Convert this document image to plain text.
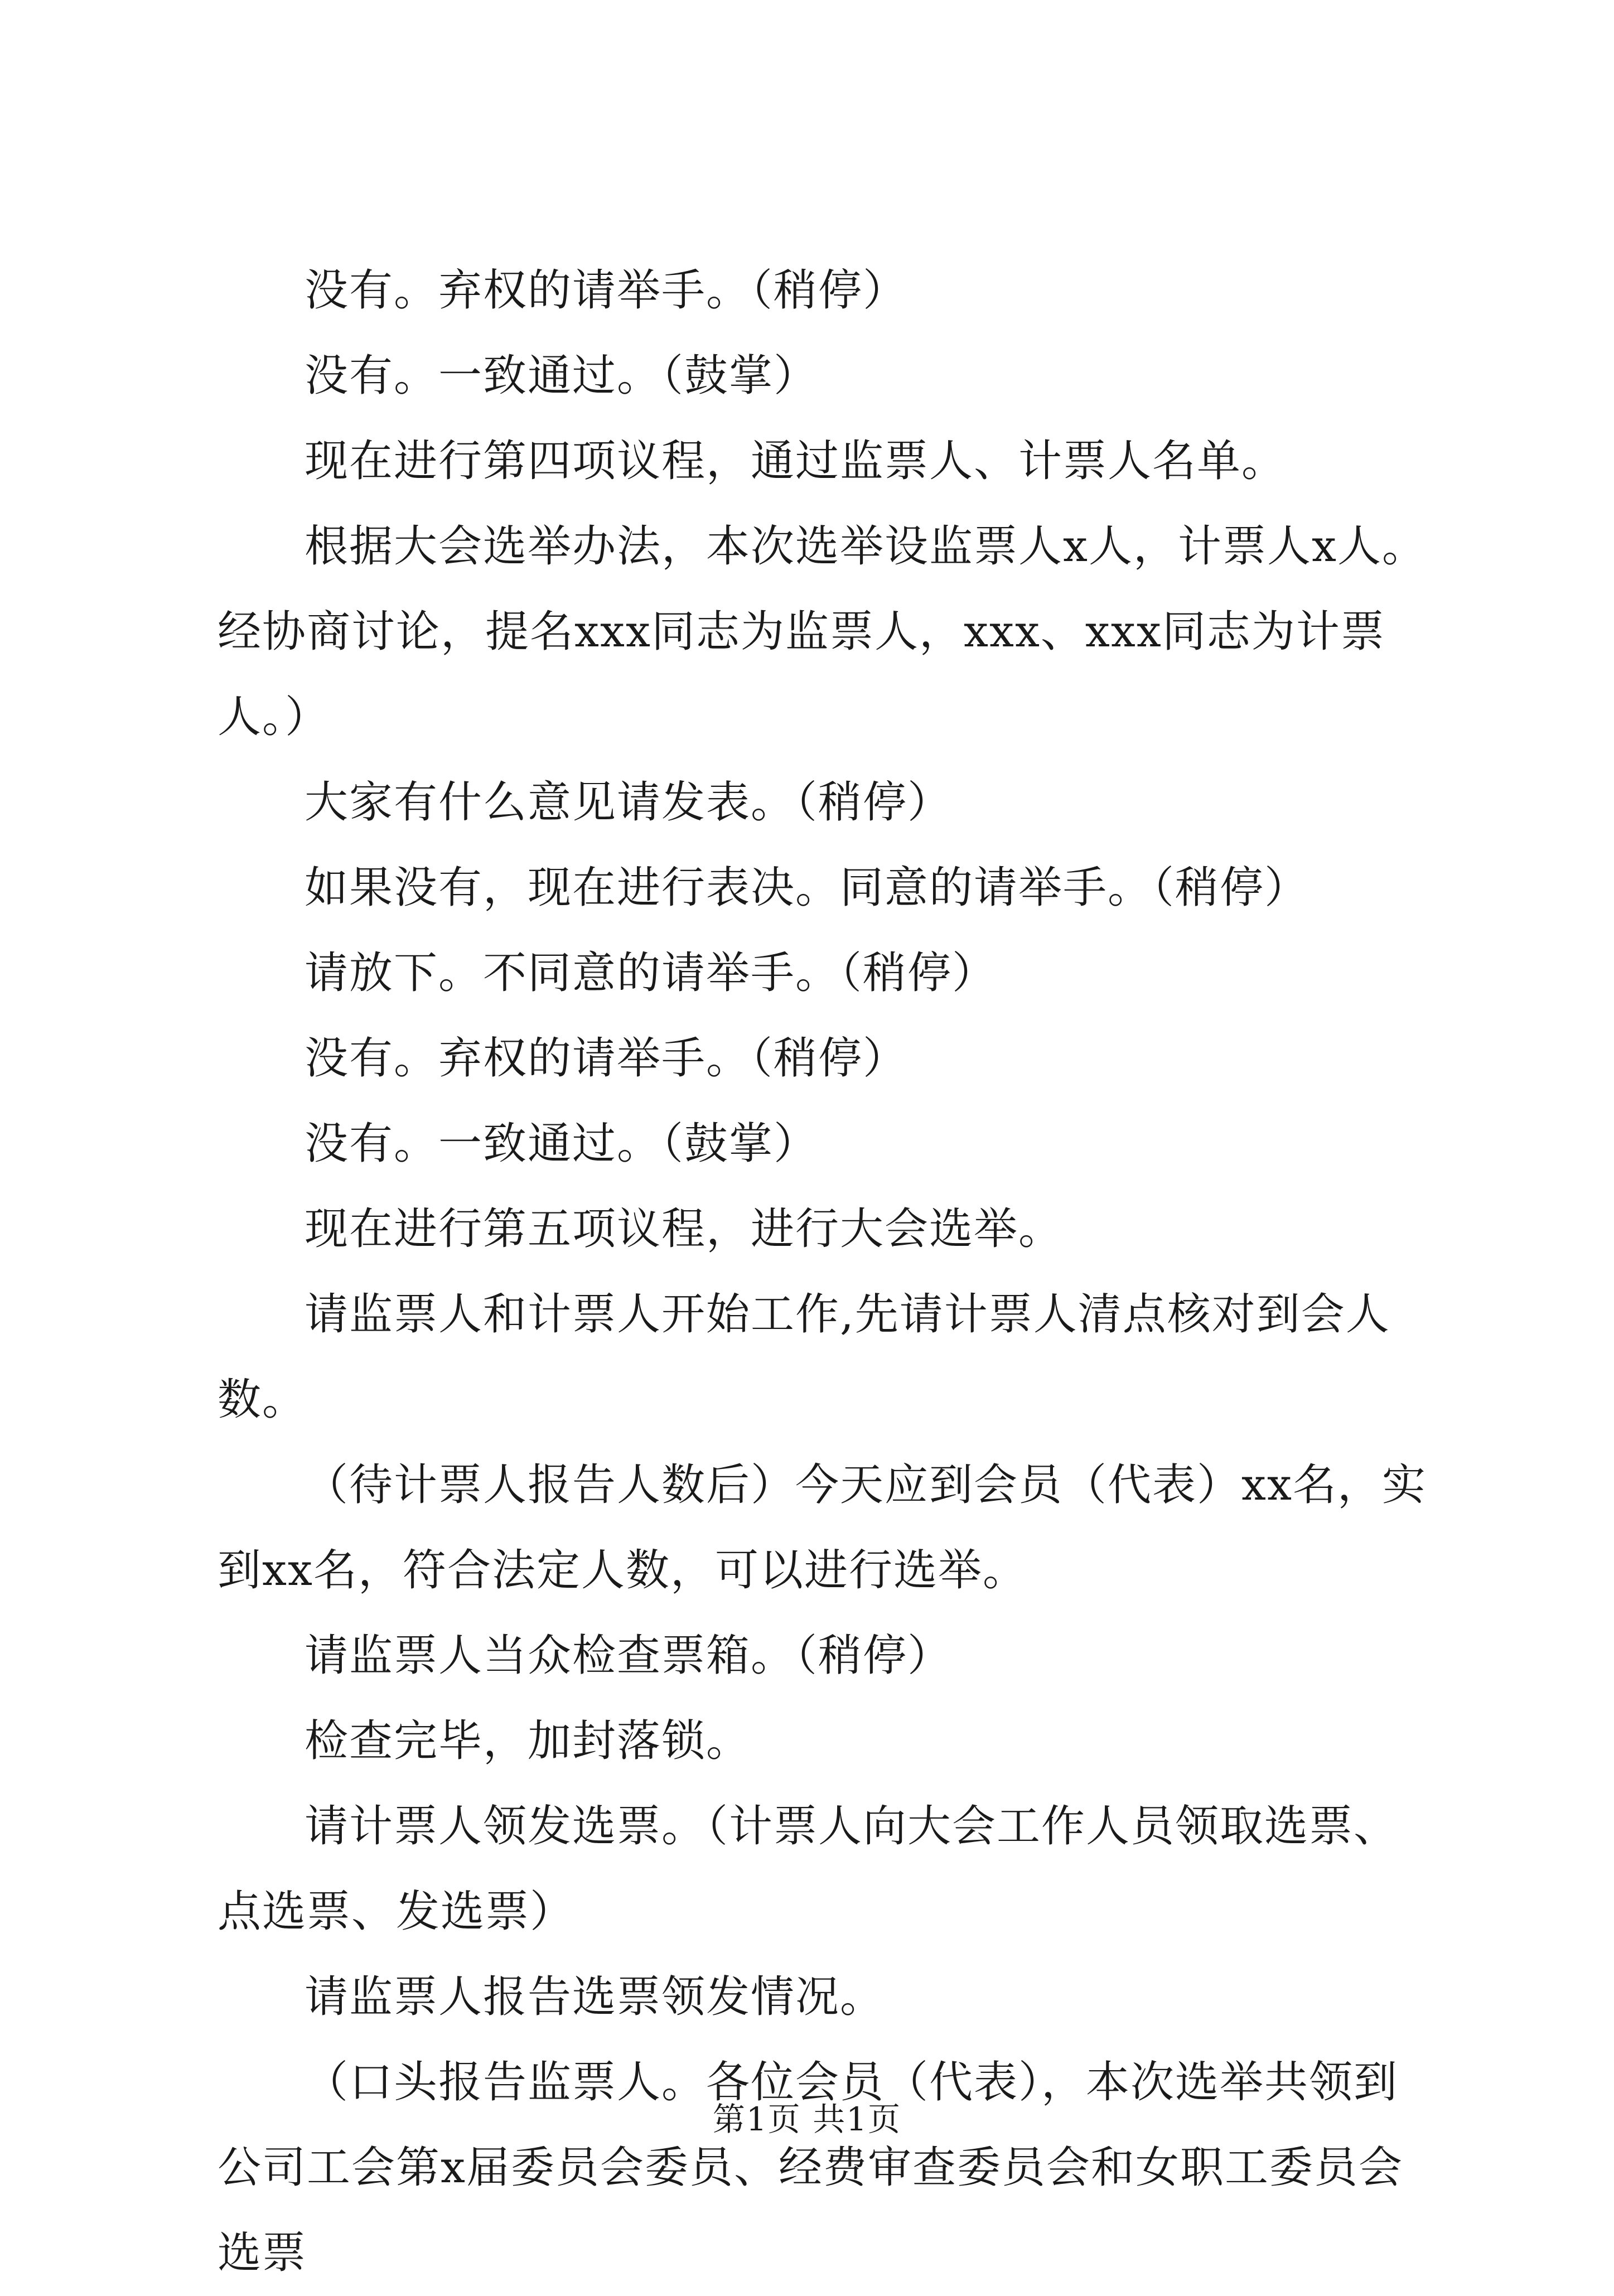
没有。弃权的请举手。（稍停）

没有。一致通过。（鼓掌）

现在进行第四项议程，通过监票人、计票人名单。

根据大会选举办法，本次选举设监票人x人，计票人x人。经协商讨论，提名xxx同志为监票人，xxx、xxx同志为计票人。）

大家有什么意见请发表。（稍停）

如果没有，现在进行表决。同意的请举手。（稍停）

请放下。不同意的请举手。（稍停）

没有。弃权的请举手。（稍停）

没有。一致通过。（鼓掌）

现在进行第五项议程，进行大会选举。

请监票人和计票人开始工作,先请计票人清点核对到会人数。

（待计票人报告人数后）今天应到会员（代表）xx名，实到xx名，符合法定人数，可以进行选举。

请监票人当众检查票箱。（稍停）

检查完毕，加封落锁。

请计票人领发选票。（计票人向大会工作人员领取选票、点选票、发选票）

请监票人报告选票领发情况。

（口头报告监票人。各位会员（代表），本次选举共领到公司工会第x届委员会委员、经费审查委员会和女职工委员会选票

第1页 共1页
